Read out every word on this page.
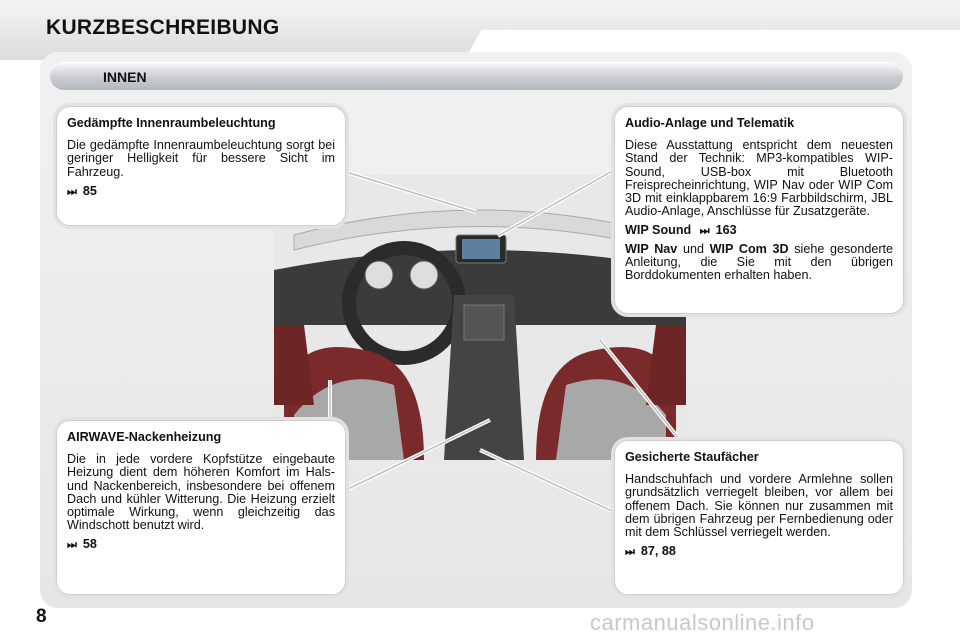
KURZBESCHREIBUNG
INNEN
Gedämpfte Innenraumbeleuchtung

Die gedämpfte Innenraumbeleuchtung sorgt bei geringer Helligkeit für bessere Sicht im Fahrzeug.

⏭ 85
Audio-Anlage und Telematik

Diese Ausstattung entspricht dem neuesten Stand der Technik: MP3-kompatibles WIP-Sound, USB-box mit Bluetooth Freisprecheinrichtung, WIP Nav oder WIP Com 3D mit einklappbarem 16:9 Farbbildschirm, JBL Audio-Anlage, Anschlüsse für Zusatzgeräte.

WIP Sound ⏭ 163

WIP Nav und WIP Com 3D siehe gesonderte Anleitung, die Sie mit den übrigen Borddokumenten erhalten haben.

AIRWAVE-Nackenheizung

Die in jede vordere Kopfstütze eingebaute Heizung dient dem höheren Komfort im Hals- und Nackenbereich, insbesondere bei offenem Dach und kühler Witterung. Die Heizung erzielt optimale Wirkung, wenn gleichzeitig das Windschott benutzt wird.

⏭ 58
Gesicherte Staufächer

Handschuhfach und vordere Armlehne sollen grundsätzlich verriegelt bleiben, vor allem bei offenem Dach. Sie können nur zusammen mit dem übrigen Fahrzeug per Fernbedienung oder mit dem Schlüssel verriegelt werden.

⏭ 87, 88
8	carmanualsonline.info
